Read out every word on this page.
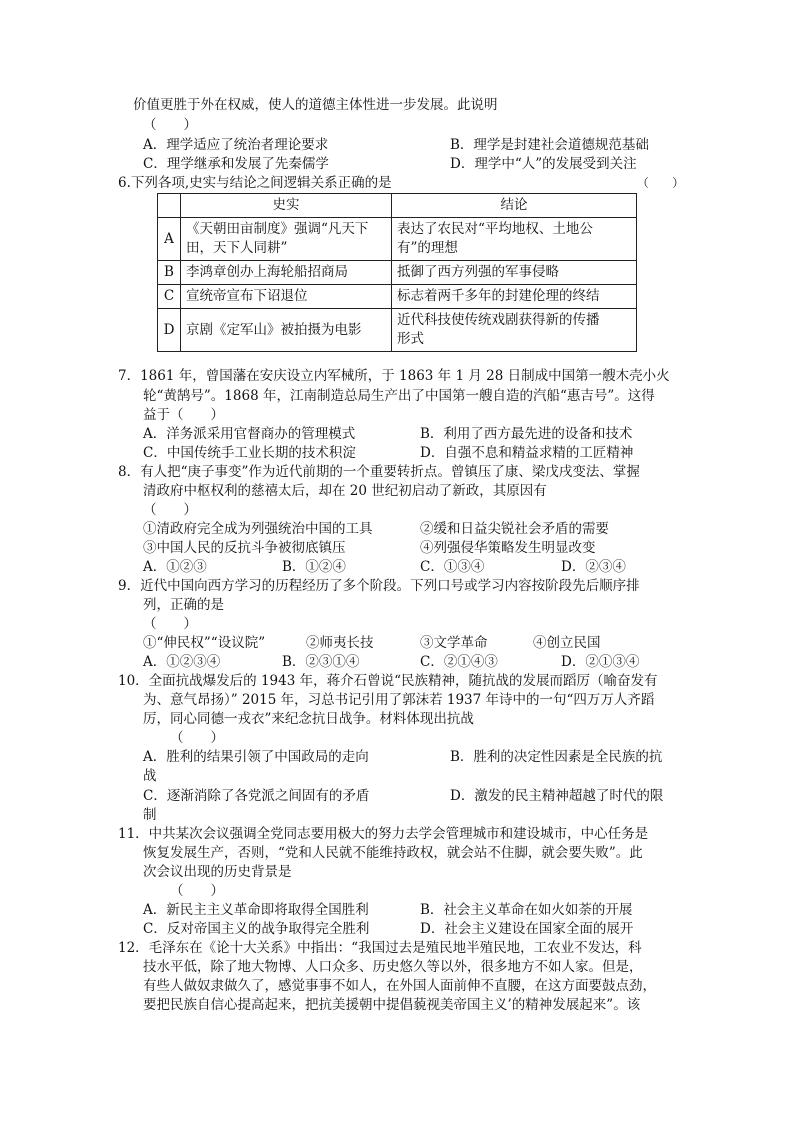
价值更胜于外在权威，使人的道德主体性进一步发展。此说明
（　　）
A．理学适应了统治者理论要求	B．理学是封建社会道德规范基础
C．理学继承和发展了先秦儒学	D．理学中“人”的发展受到关注
6.下列各项,史实与结论之间逻辑关系正确的是	（　　）
	史实	结论
A	《天朝田亩制度》强调“凡天下
田，天下人同耕”	表达了农民对“平均地权、土地公
有”的理想
B	李鸿章创办上海轮船招商局	抵御了西方列强的军事侵略
C	宣统帝宣布下诏退位	标志着两千多年的封建伦理的终结
D	京剧《定军山》被拍摄为电影	近代科技使传统戏剧获得新的传播
形式
7．1861 年，曾国藩在安庆设立内军械所，于 1863 年 1 月 28 日制成中国第一艘木壳小火
轮“黄鹄号”。1868 年，江南制造总局生产出了中国第一艘自造的汽船“惠吉号”。这得
益于（　　）
A．洋务派采用官督商办的管理模式	B．利用了西方最先进的设备和技术
C．中国传统手工业长期的技术积淀	D．自强不息和精益求精的工匠精神
8．有人把“庚子事变”作为近代前期的一个重要转折点。曾镇压了康、梁戊戌变法、掌握
清政府中枢权利的慈禧太后，却在 20 世纪初启动了新政，其原因有
（　　）
①清政府完全成为列强统治中国的工具	②缓和日益尖锐社会矛盾的需要
③中国人民的反抗斗争被彻底镇压	④列强侵华策略发生明显改变
A．①②③	B．①②④	C．①③④	D．②③④
9．近代中国向西方学习的历程经历了多个阶段。下列口号或学习内容按阶段先后顺序排
列，正确的是
（　　）
①“伸民权”“设议院”	②师夷长技	③文学革命	④创立民国
A．①②③④	B．②③①④	C．②①④③	D．②①③④
10．全面抗战爆发后的 1943 年，蒋介石曾说“民族精神，随抗战的发展而蹈厉（喻奋发有
为、意气昂扬）” 2015 年，习总书记引用了郭沫若 1937 年诗中的一句“四万万人齐蹈
厉，同心同德一戎衣”来纪念抗日战争。材料体现出抗战
（　　）
A．胜利的结果引领了中国政局的走向	B．胜利的决定性因素是全民族的抗
战
C．逐渐消除了各党派之间固有的矛盾	D．激发的民主精神超越了时代的限
制
11．中共某次会议强调全党同志要用极大的努力去学会管理城市和建设城市，中心任务是
恢复发展生产，否则，“党和人民就不能维持政权，就会站不住脚，就会要失败”。此
次会议出现的历史背景是
（　　）
A．新民主主义革命即将取得全国胜利	B．社会主义革命在如火如荼的开展
C．反对帝国主义的战争取得完全胜利	D．社会主义建设在国家全面的展开
12．毛泽东在《论十大关系》中指出：“我国过去是殖民地半殖民地，工农业不发达，科
技水平低，除了地大物博、人口众多、历史悠久等以外，很多地方不如人家。但是，
有些人做奴隶做久了，感觉事事不如人，在外国人面前伸不直腰，在这方面要鼓点劲，
要把民族自信心提高起来，把抗美援朝中提倡藐视美帝国主义’的精神发展起来”。该
